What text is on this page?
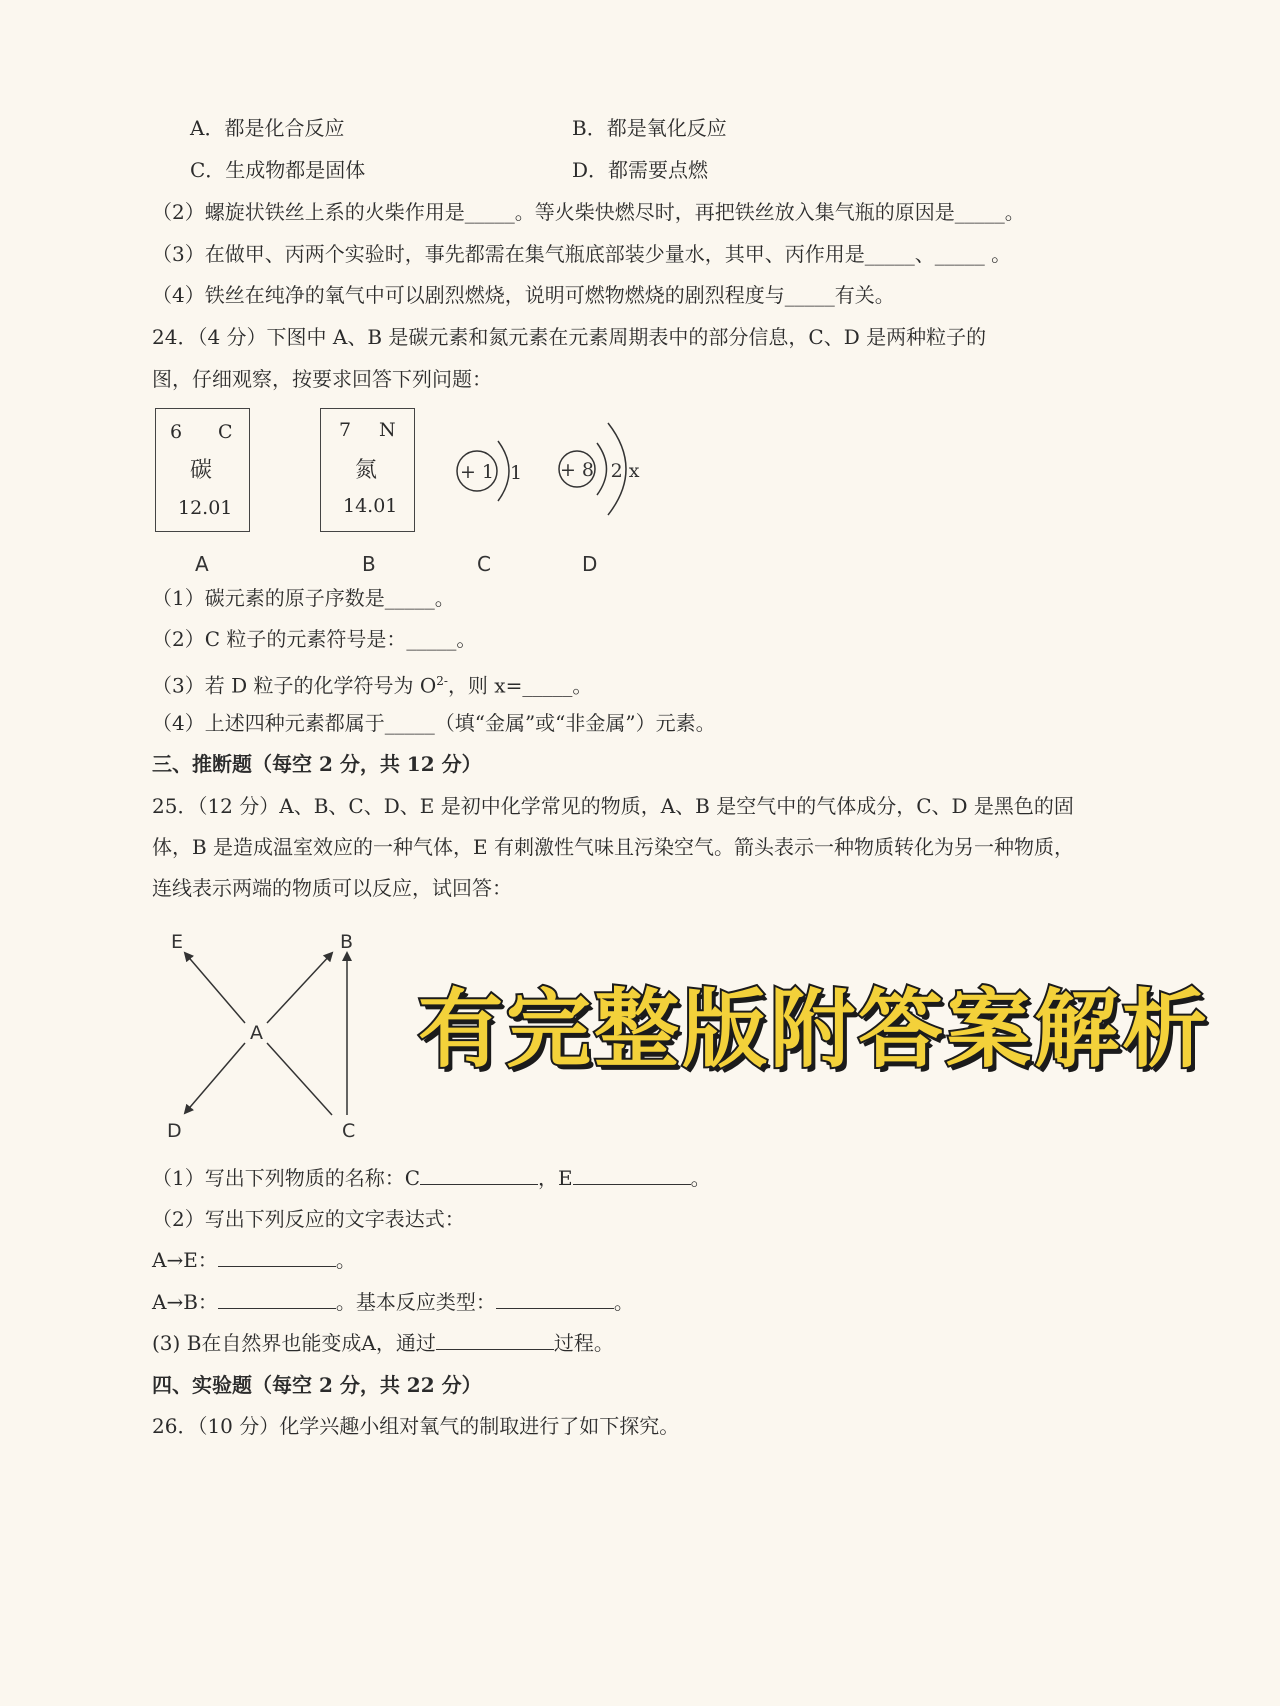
A．都是化合反应	B．都是氧化反应
C．生成物都是固体	D．都需要点燃
（2）螺旋状铁丝上系的火柴作用是_____。等火柴快燃尽时，再把铁丝放入集气瓶的原因是_____。
（3）在做甲、丙两个实验时，事先都需在集气瓶底部装少量水，其甲、丙作用是_____、_____ 。
（4）铁丝在纯净的氧气中可以剧烈燃烧，说明可燃物燃烧的剧烈程度与_____有关。
24．（4 分）下图中 A、B 是碳元素和氮元素在元素周期表中的部分信息，C、D 是两种粒子的
图，仔细观察，按要求回答下列问题：
6 C
碳
12.01
7 N
氮
14.01
+ 1 1 + 8 2 x
A	B	C	D
（1）碳元素的原子序数是_____。
（2）C 粒子的元素符号是：_____。
（3）若 D 粒子的化学符号为 $O^{2-}$，则 x=_____。
（4）上述四种元素都属于_____（填“金属”或“非金属”）元素。
三、推断题（每空 2 分，共 12 分）
25．（12 分）A、B、C、D、E 是初中化学常见的物质，A、B 是空气中的气体成分，C、D 是黑色的固
体，B 是造成温室效应的一种气体，E 有刺激性气味且污染空气。箭头表示一种物质转化为另一种物质，
连线表示两端的物质可以反应，试回答：
E	B
A
D	C
有完整版附答案解析
（1）写出下列物质的名称：C	，E	。
（2）写出下列反应的文字表达式：
A→E：	。
A→B：	。基本反应类型：	。
(3) B在自然界也能变成A，通过	过程。
四、实验题（每空 2 分，共 22 分）
26．（10 分）化学兴趣小组对氧气的制取进行了如下探究。
